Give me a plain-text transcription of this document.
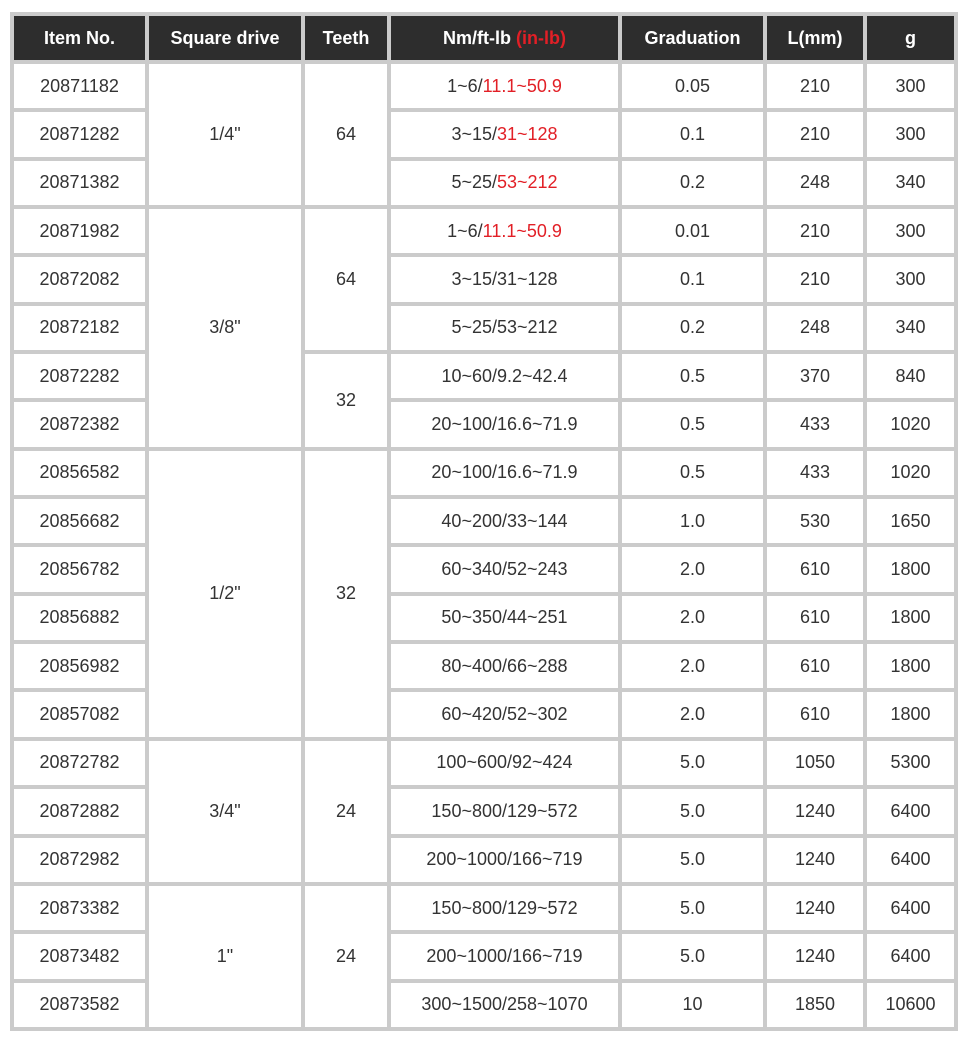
Item No.	Square drive	Teeth	Nm/ft-lb (in-lb)	Graduation	L(mm)	g
20871182	1/4"	64	1~6/11.1~50.9	0.05	210	300
20871282			3~15/31~128	0.1	210	300
20871382			5~25/53~212	0.2	248	340
20871982	3/8"	64	1~6/11.1~50.9	0.01	210	300
20872082			3~15/31~128	0.1	210	300
20872182			5~25/53~212	0.2	248	340
20872282		32	10~60/9.2~42.4	0.5	370	840
20872382			20~100/16.6~71.9	0.5	433	1020
20856582	1/2"	32	20~100/16.6~71.9	0.5	433	1020
20856682			40~200/33~144	1.0	530	1650
20856782			60~340/52~243	2.0	610	1800
20856882			50~350/44~251	2.0	610	1800
20856982			80~400/66~288	2.0	610	1800
20857082			60~420/52~302	2.0	610	1800
20872782	3/4"	24	100~600/92~424	5.0	1050	5300
20872882			150~800/129~572	5.0	1240	6400
20872982			200~1000/166~719	5.0	1240	6400
20873382	1"	24	150~800/129~572	5.0	1240	6400
20873482			200~1000/166~719	5.0	1240	6400
20873582			300~1500/258~1070	10	1850	10600
